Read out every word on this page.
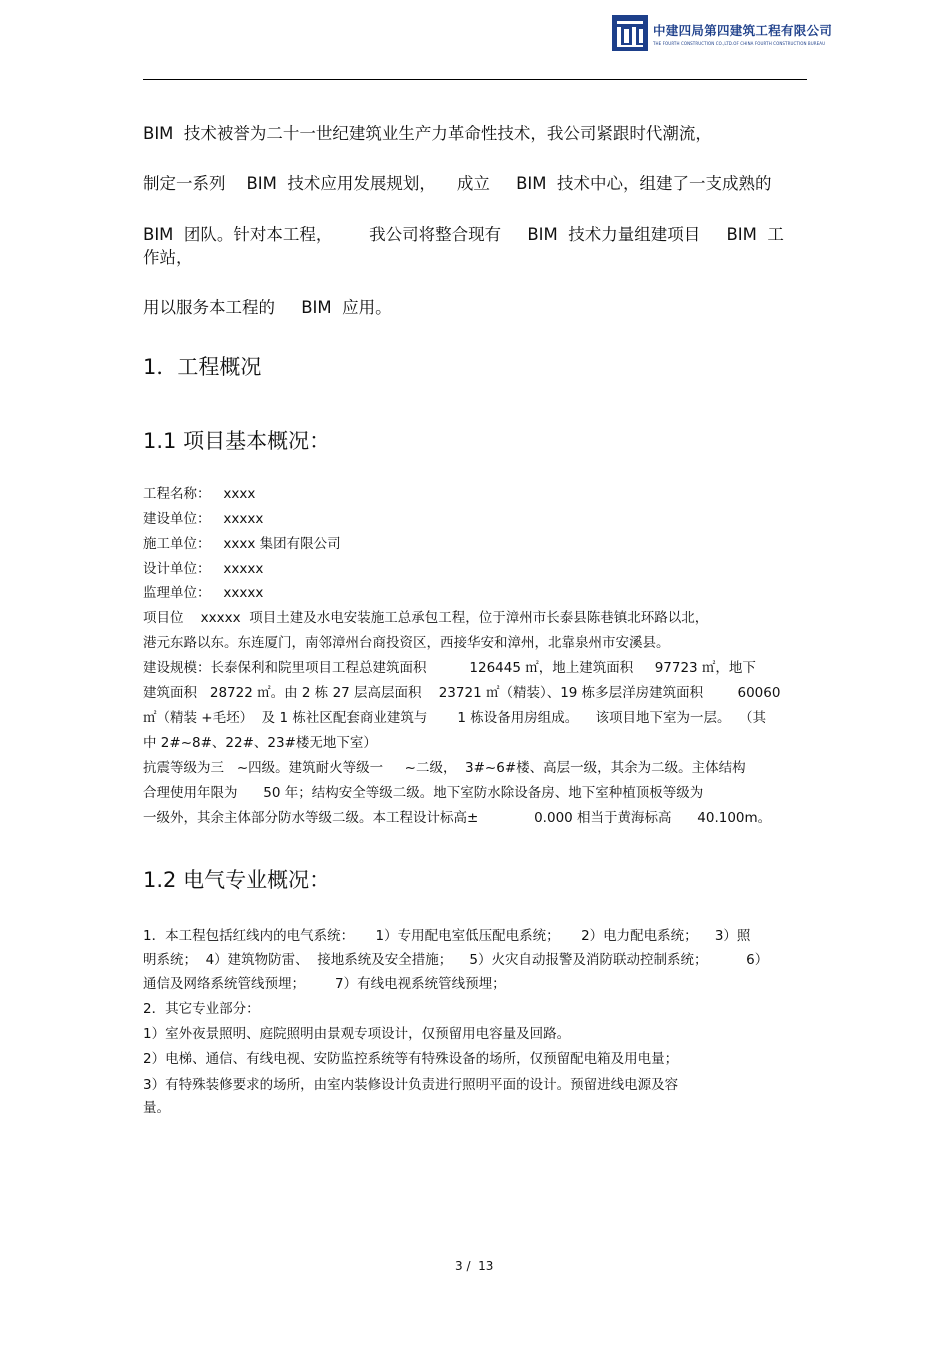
中建四局第四建筑工程有限公司
THE FOURTH CONSTRUCTION CO.,LTD.OF CHINA FOURTH CONSTRUCTION BUREAU
BIM  技术被誉为二十一世纪建筑业生产力革命性技术，我公司紧跟时代潮流，
制定一系列    BIM  技术应用发展规划，    成立     BIM  技术中心，组建了一支成熟的
BIM  团队。针对本工程，       我公司将整合现有     BIM  技术力量组建项目     BIM  工
作站，
用以服务本工程的     BIM  应用。
1．工程概况
1.1 项目基本概况：
工程名称：   xxxx
建设单位：   xxxxx
施工单位：   xxxx 集团有限公司
设计单位：   xxxxx
监理单位：   xxxxx
项目位    xxxxx  项目土建及水电安装施工总承包工程，位于漳州市长泰县陈巷镇北环路以北，
港元东路以东。东连厦门，南邻漳州台商投资区，西接华安和漳州，北靠泉州市安溪县。
建设规模：长泰保利和院里项目工程总建筑面积          126445 ㎡，地上建筑面积     97723 ㎡，地下
建筑面积   28722 ㎡。由 2 栋 27 层高层面积    23721 ㎡（精装）、19 栋多层洋房建筑面积        60060
㎡（精装 +毛坯）  及 1 栋社区配套商业建筑与       1 栋设备用房组成。    该项目地下室为一层。  （其
中 2#~8#、22#、23#楼无地下室）
抗震等级为三   ~四级。建筑耐火等级一     ~二级，  3#~6#楼、高层一级，其余为二级。主体结构
合理使用年限为      50 年；结构安全等级二级。地下室防水除设备房、地下室种植顶板等级为
一级外，其余主体部分防水等级二级。本工程设计标高±             0.000 相当于黄海标高      40.100m。
1.2 电气专业概况：
1．本工程包括红线内的电气系统：     1）专用配电室低压配电系统；     2）电力配电系统；    3）照
明系统；  4）建筑物防雷、  接地系统及安全措施；    5）火灾自动报警及消防联动控制系统；         6）
通信及网络系统管线预埋；       7）有线电视系统管线预埋；
2．其它专业部分：
1）室外夜景照明、庭院照明由景观专项设计，仅预留用电容量及回路。
2）电梯、通信、有线电视、安防监控系统等有特殊设备的场所，仅预留配电箱及用电量；
3）有特殊装修要求的场所，由室内装修设计负责进行照明平面的设计。预留进线电源及容
量。
3 /  13
